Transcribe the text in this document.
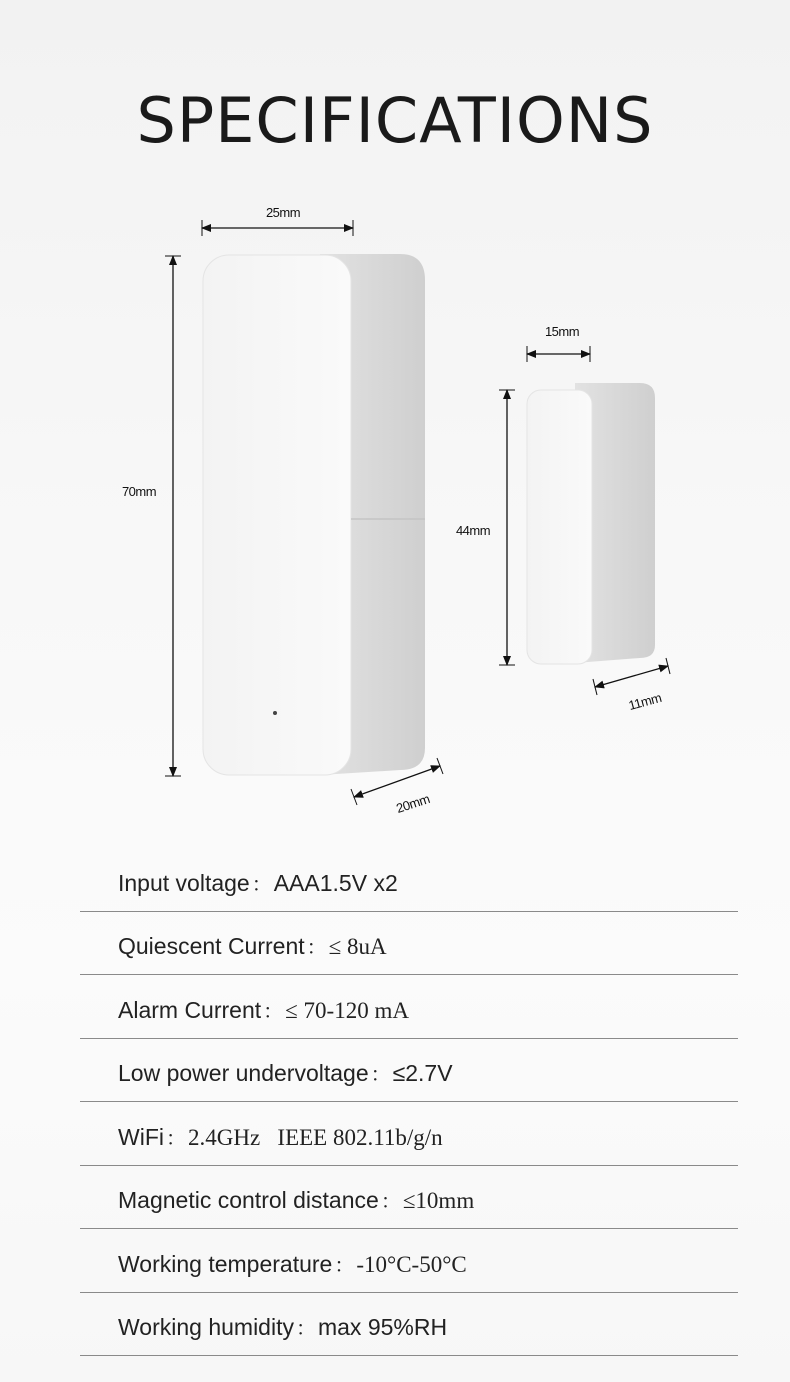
SPECIFICATIONS
25mm
70mm
20mm
15mm
44mm
11mm
Input voltage ：AAA1.5V x2
Quiescent Current ：≤ 8uA
Alarm Current ：≤ 70-120 mA
Low power undervoltage ：≤2.7V
WiFi ：2.4GHz   IEEE 802.11b/g/n
Magnetic control distance ：≤10mm
Working temperature ：-10°C-50°C
Working humidity ：max 95%RH
